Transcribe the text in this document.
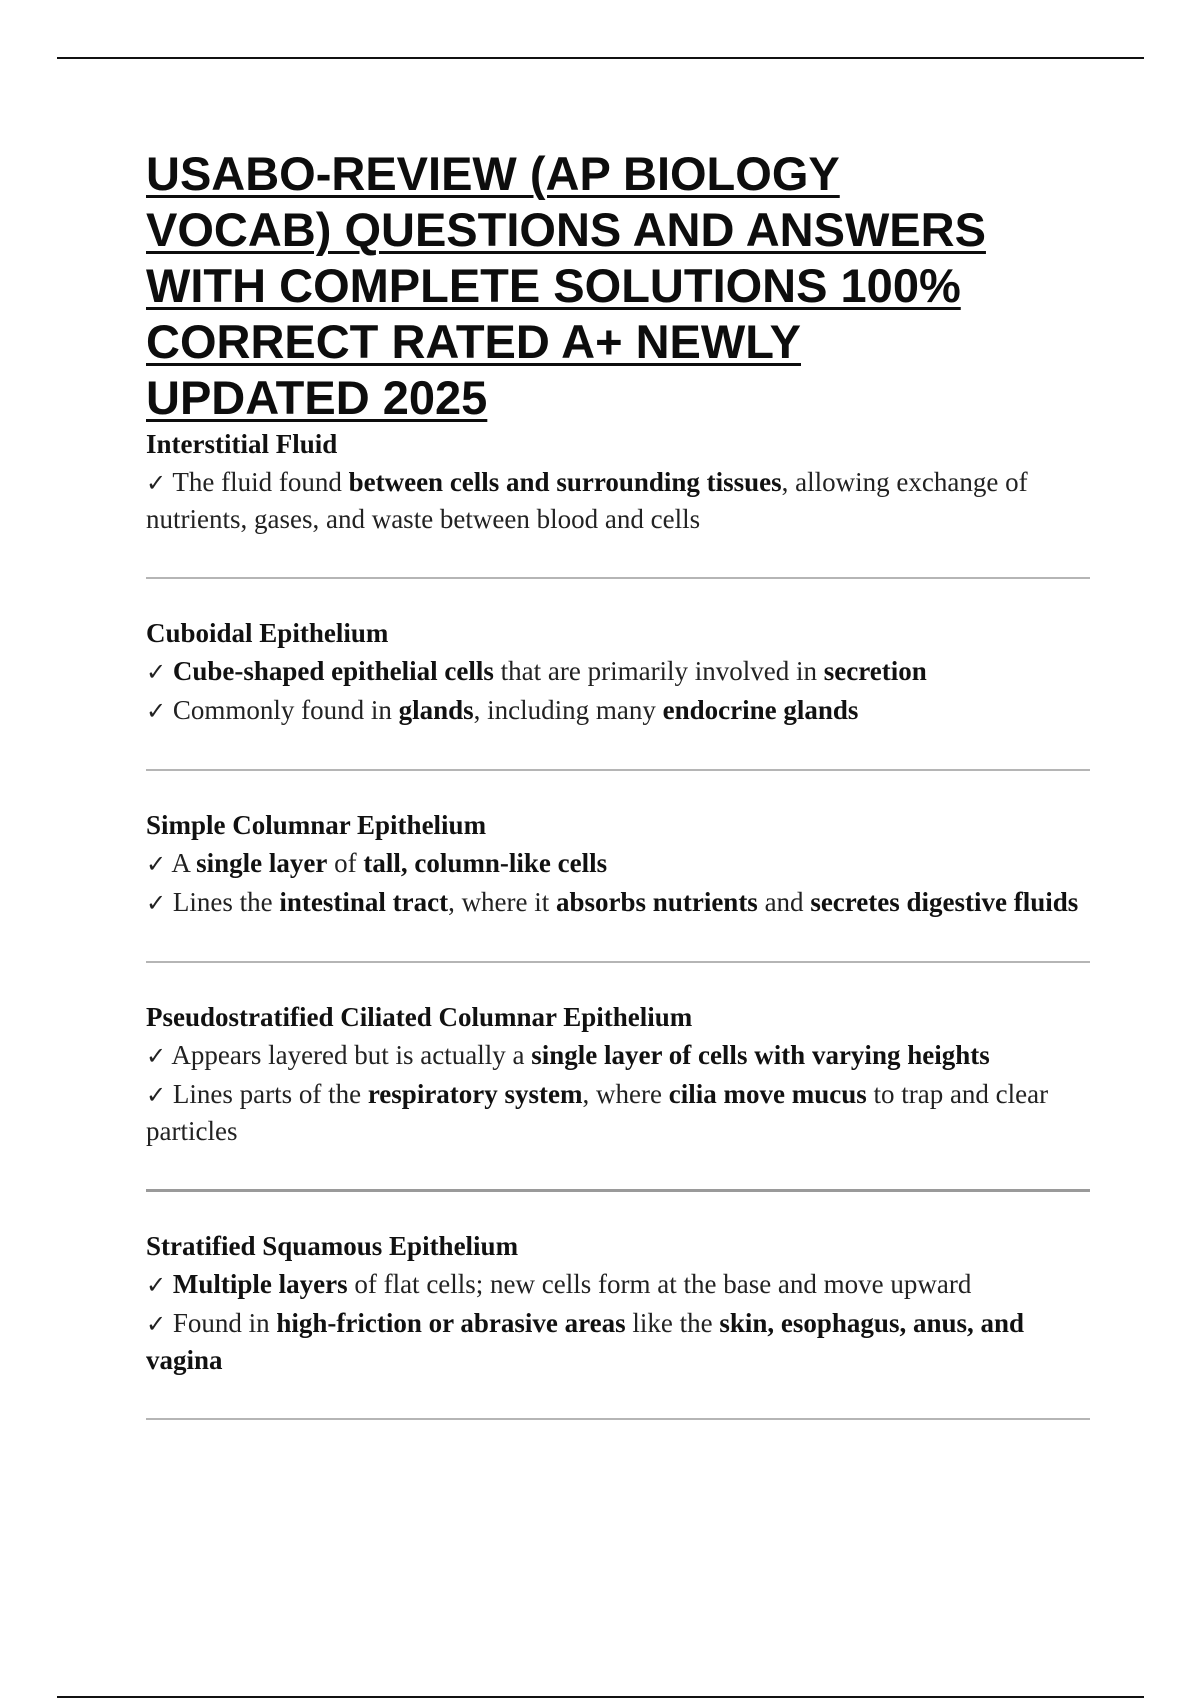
USABO-REVIEW (AP BIOLOGY VOCAB) QUESTIONS AND ANSWERS WITH COMPLETE SOLUTIONS 100% CORRECT RATED A+ NEWLY UPDATED 2025

Interstitial Fluid

✓ The fluid found between cells and surrounding tissues, allowing exchange of nutrients, gases, and waste between blood and cells

Cuboidal Epithelium

✓ Cube-shaped epithelial cells that are primarily involved in secretion

✓ Commonly found in glands, including many endocrine glands

Simple Columnar Epithelium

✓ A single layer of tall, column-like cells

✓ Lines the intestinal tract, where it absorbs nutrients and secretes digestive fluids

Pseudostratified Ciliated Columnar Epithelium

✓ Appears layered but is actually a single layer of cells with varying heights

✓ Lines parts of the respiratory system, where cilia move mucus to trap and clear particles

Stratified Squamous Epithelium

✓ Multiple layers of flat cells; new cells form at the base and move upward

✓ Found in high-friction or abrasive areas like the skin, esophagus, anus, and vagina
